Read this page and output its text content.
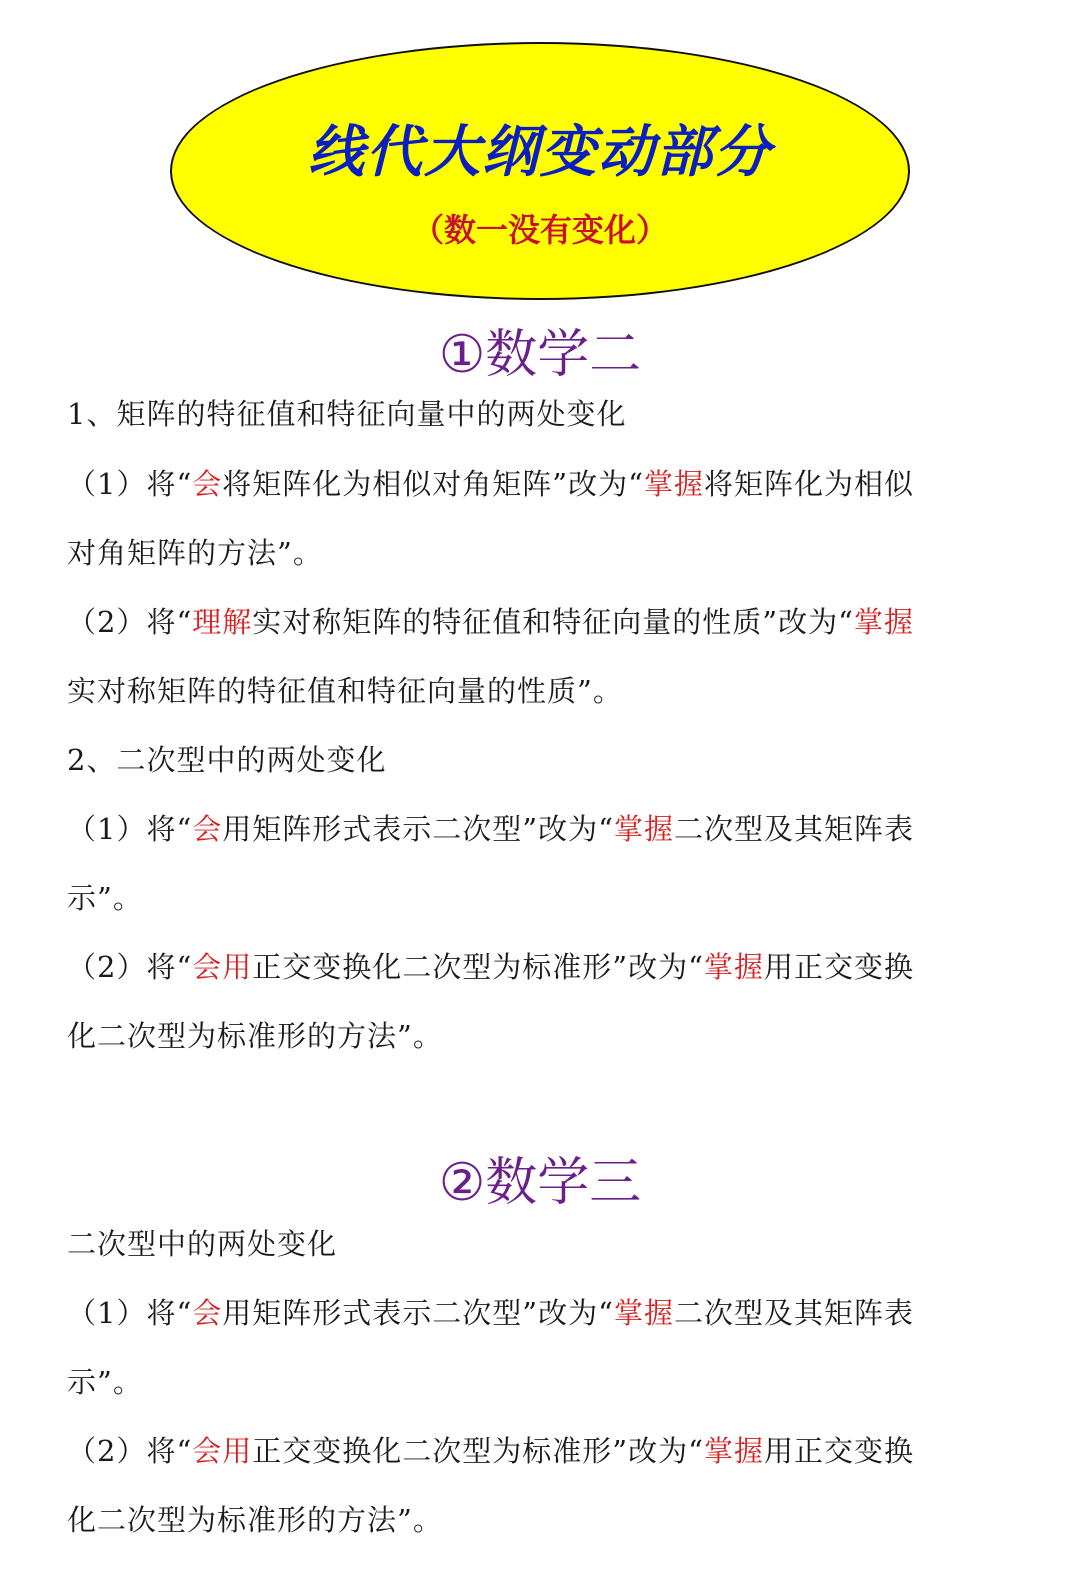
线代大纲变动部分
（数一没有变化）
①数学二
1、矩阵的特征值和特征向量中的两处变化
（1）将“会将矩阵化为相似对角矩阵”改为“掌握将矩阵化为相似
对角矩阵的方法”。
（2）将“理解实对称矩阵的特征值和特征向量的性质”改为“掌握
实对称矩阵的特征值和特征向量的性质”。
2、二次型中的两处变化
（1）将“会用矩阵形式表示二次型”改为“掌握二次型及其矩阵表
示”。
（2）将“会用正交变换化二次型为标准形”改为“掌握用正交变换
化二次型为标准形的方法”。
②数学三
二次型中的两处变化
（1）将“会用矩阵形式表示二次型”改为“掌握二次型及其矩阵表
示”。
（2）将“会用正交变换化二次型为标准形”改为“掌握用正交变换
化二次型为标准形的方法”。
